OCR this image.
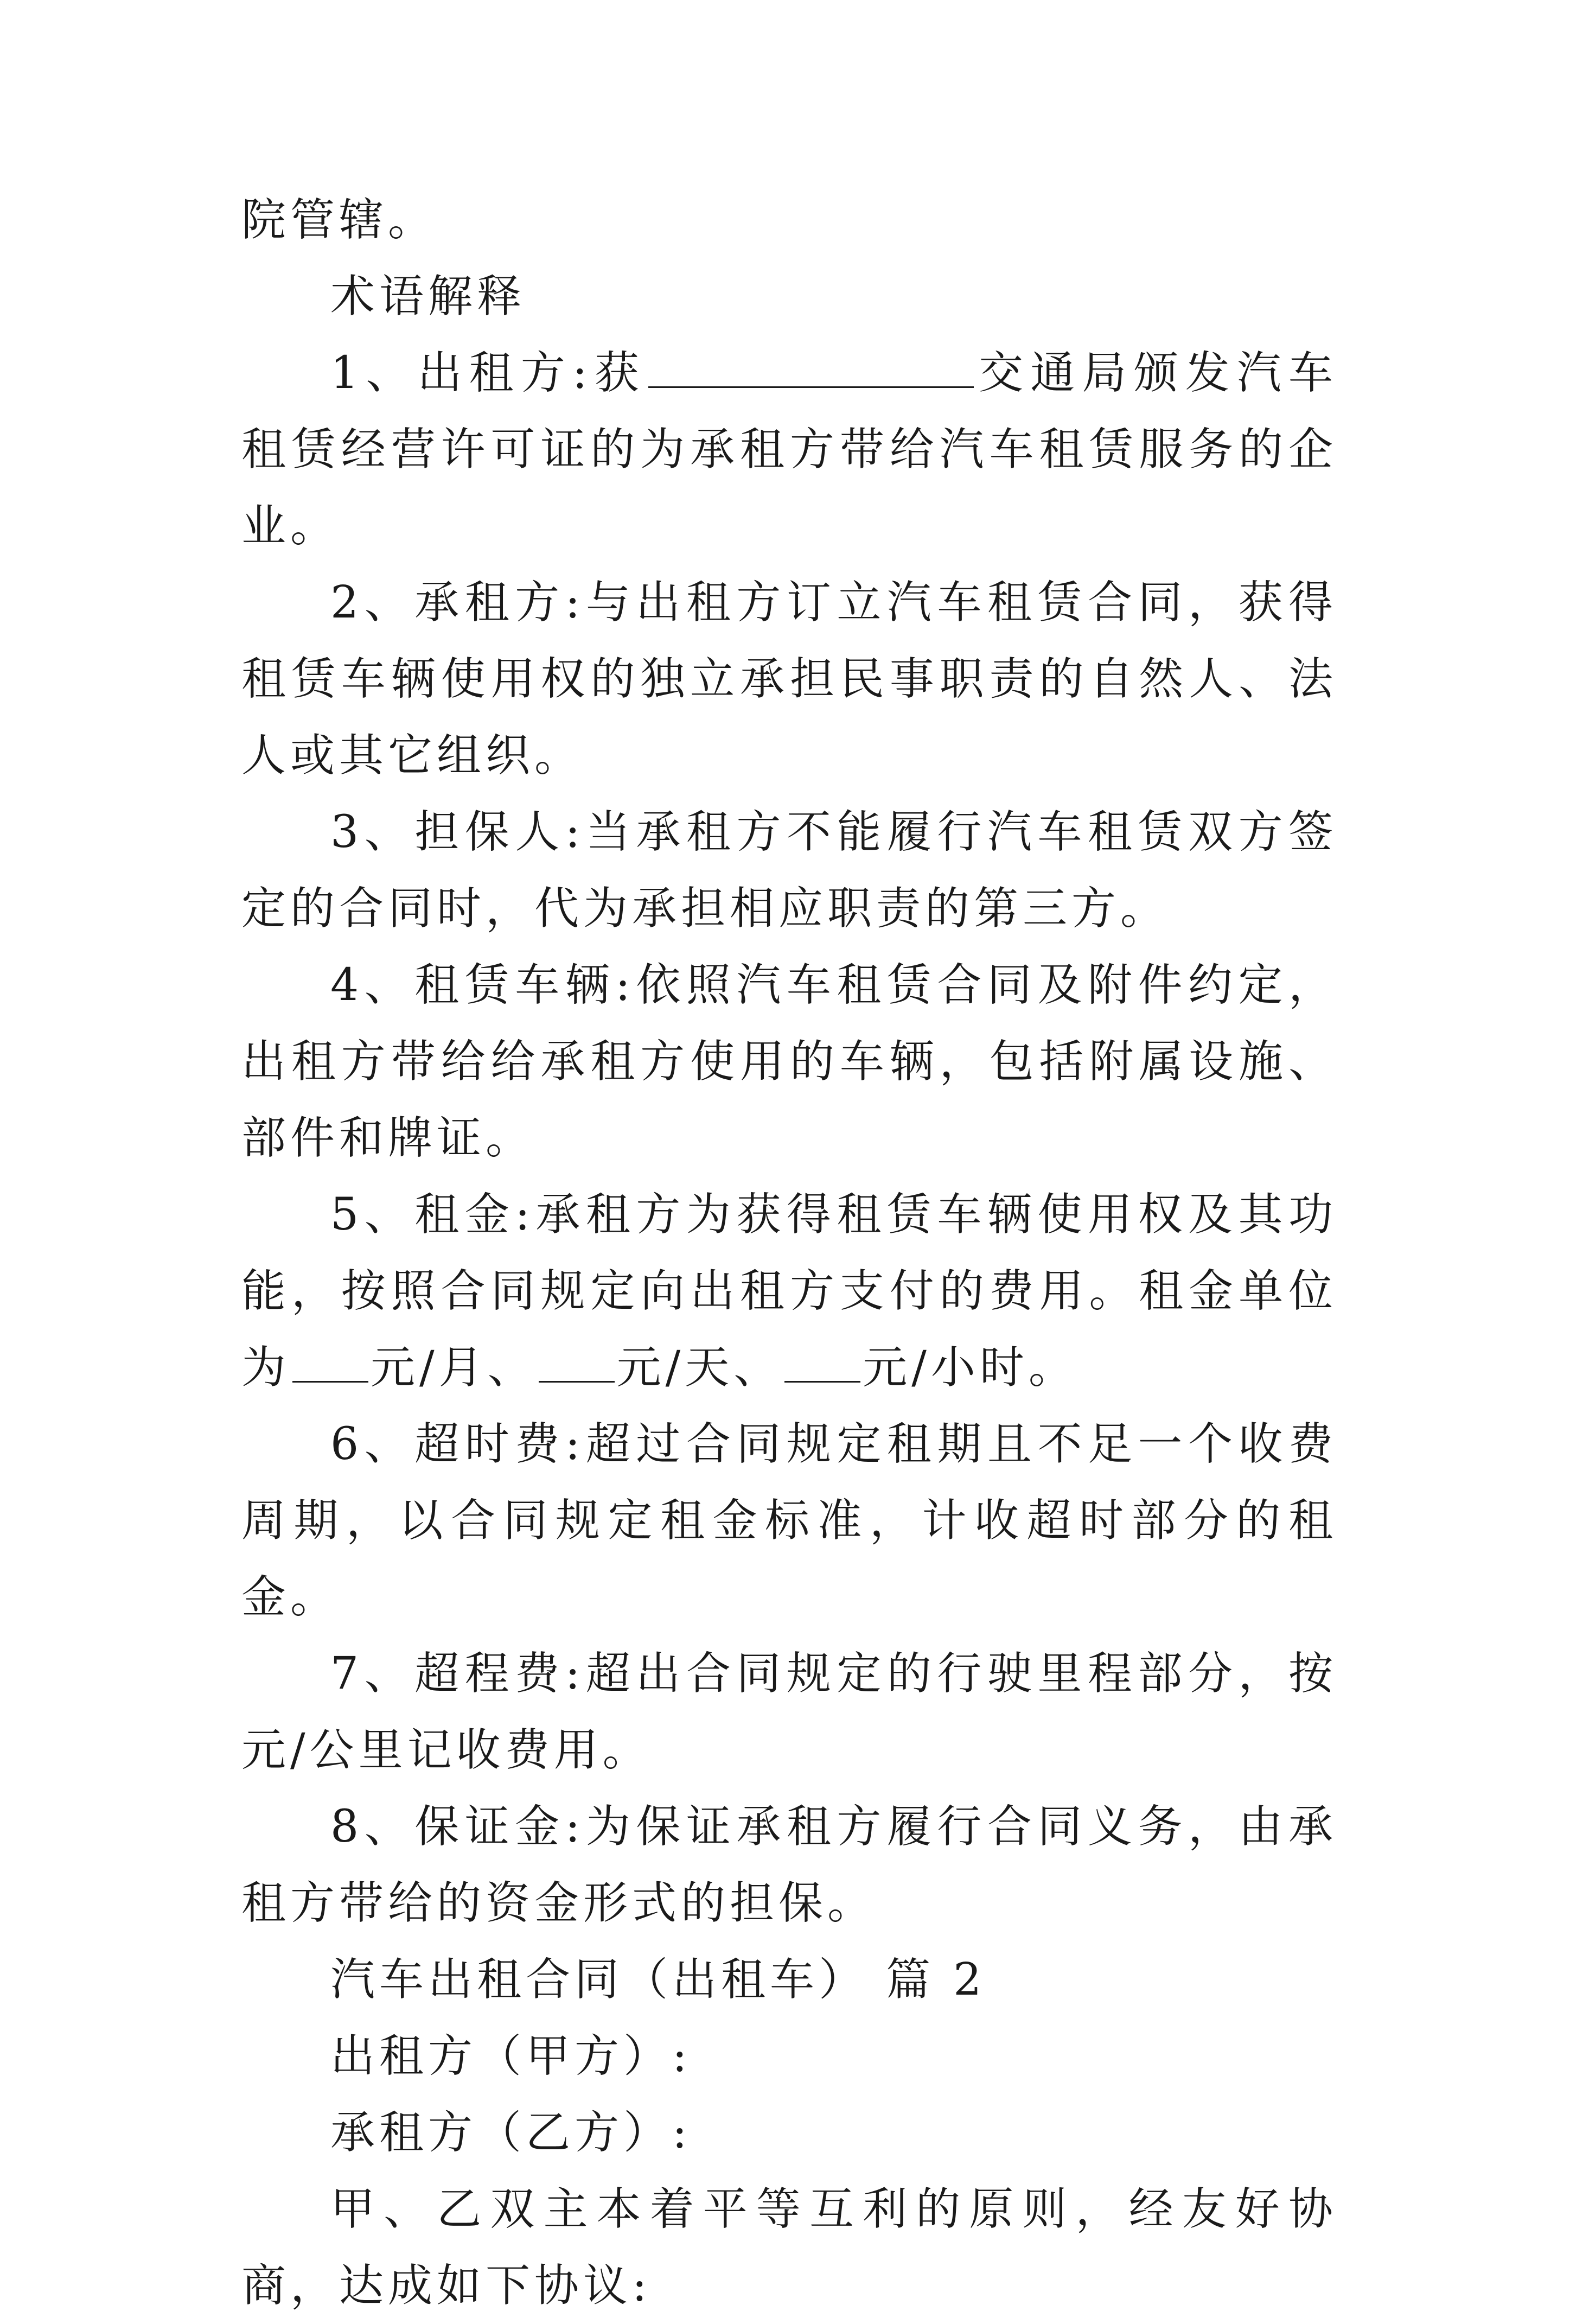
院管辖。

术语解释

1、出租方:获	交通局颁发汽车租赁经营许可证的为承租方带给汽车租赁服务的企业。

2、承租方:与出租方订立汽车租赁合同，获得租赁车辆使用权的独立承担民事职责的自然人、法人或其它组织。

3、担保人:当承租方不能履行汽车租赁双方签定的合同时，代为承担相应职责的第三方。

4、租赁车辆:依照汽车租赁合同及附件约定，出租方带给给承租方使用的车辆，包括附属设施、部件和牌证。

5、租金:承租方为获得租赁车辆使用权及其功能，按照合同规定向出租方支付的费用。租金单位为 元/月、 元/天、 元/小时。

6、超时费:超过合同规定租期且不足一个收费周期，以合同规定租金标准，计收超时部分的租金。

7、超程费:超出合同规定的行驶里程部分，按元/公里记收费用。

8、保证金:为保证承租方履行合同义务，由承租方带给的资金形式的担保。

汽车出租合同（出租车） 篇 2

出租方（甲方）:

承租方（乙方）:

甲、乙双主本着平等互利的原则，经友好协商，达成如下协议:
